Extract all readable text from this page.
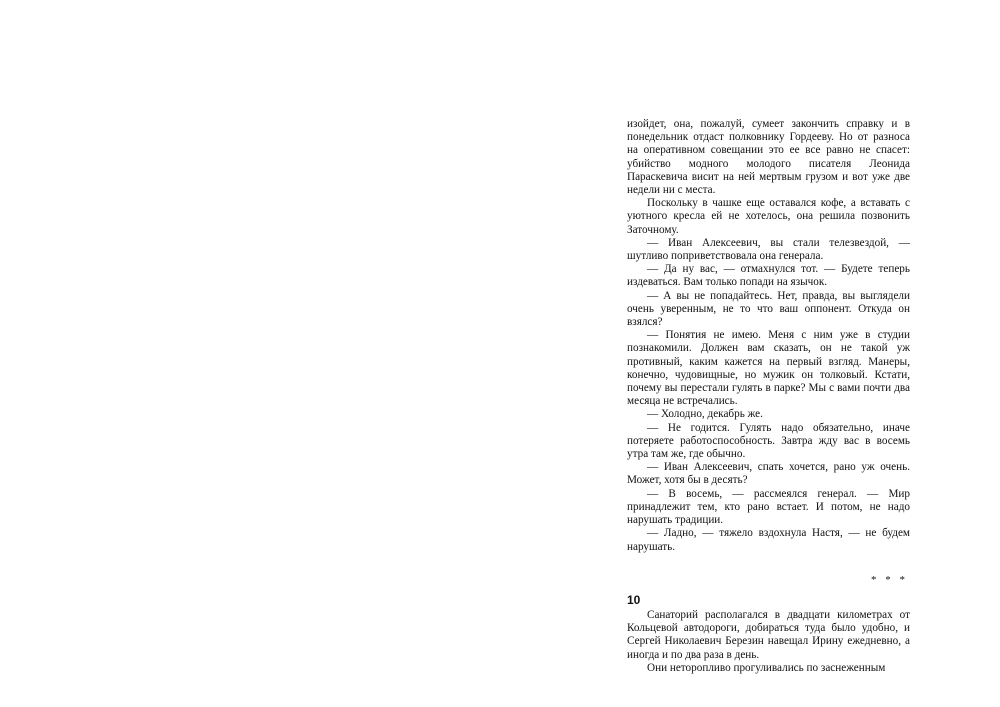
изойдет, она, пожалуй, сумеет закончить справку и в понедельник отдаст полковнику Гордееву. Но от разноса на оперативном совещании это ее все равно не спасет: убийство модного молодого писателя Леонида Параскевича висит на ней мертвым грузом и вот уже две недели ни с места.

Поскольку в чашке еще оставался кофе, а вставать с уютного кресла ей не хотелось, она решила позвонить Заточному.

— Иван Алексеевич, вы стали телезвездой, — шутливо поприветствовала она генерала.

— Да ну вас, — отмахнулся тот. — Будете теперь издеваться. Вам только попади на язычок.

— А вы не попадайтесь. Нет, правда, вы выглядели очень уверенным, не то что ваш оппонент. Откуда он взялся?

— Понятия не имею. Меня с ним уже в студии познакомили. Должен вам сказать, он не такой уж противный, каким кажется на первый взгляд. Манеры, конечно, чудовищные, но мужик он толковый. Кстати, почему вы перестали гулять в парке? Мы с вами почти два месяца не встречались.

— Холодно, декабрь же.

— Не годится. Гулять надо обязательно, иначе потеряете работоспособность. Завтра жду вас в восемь утра там же, где обычно.

— Иван Алексеевич, спать хочется, рано уж очень. Может, хотя бы в десять?

— В восемь, — рассмеялся генерал. — Мир принадлежит тем, кто рано встает. И потом, не надо нарушать традиции.

— Ладно, — тяжело вздохнула Настя, — не будем нарушать.

* * *

Санаторий располагался в двадцати километрах от Кольцевой автодороги, добираться туда было удобно, и Сергей Николаевич Березин навещал Ирину ежедневно, а иногда и по два раза в день.

Они неторопливо прогуливались по заснеженным

10
